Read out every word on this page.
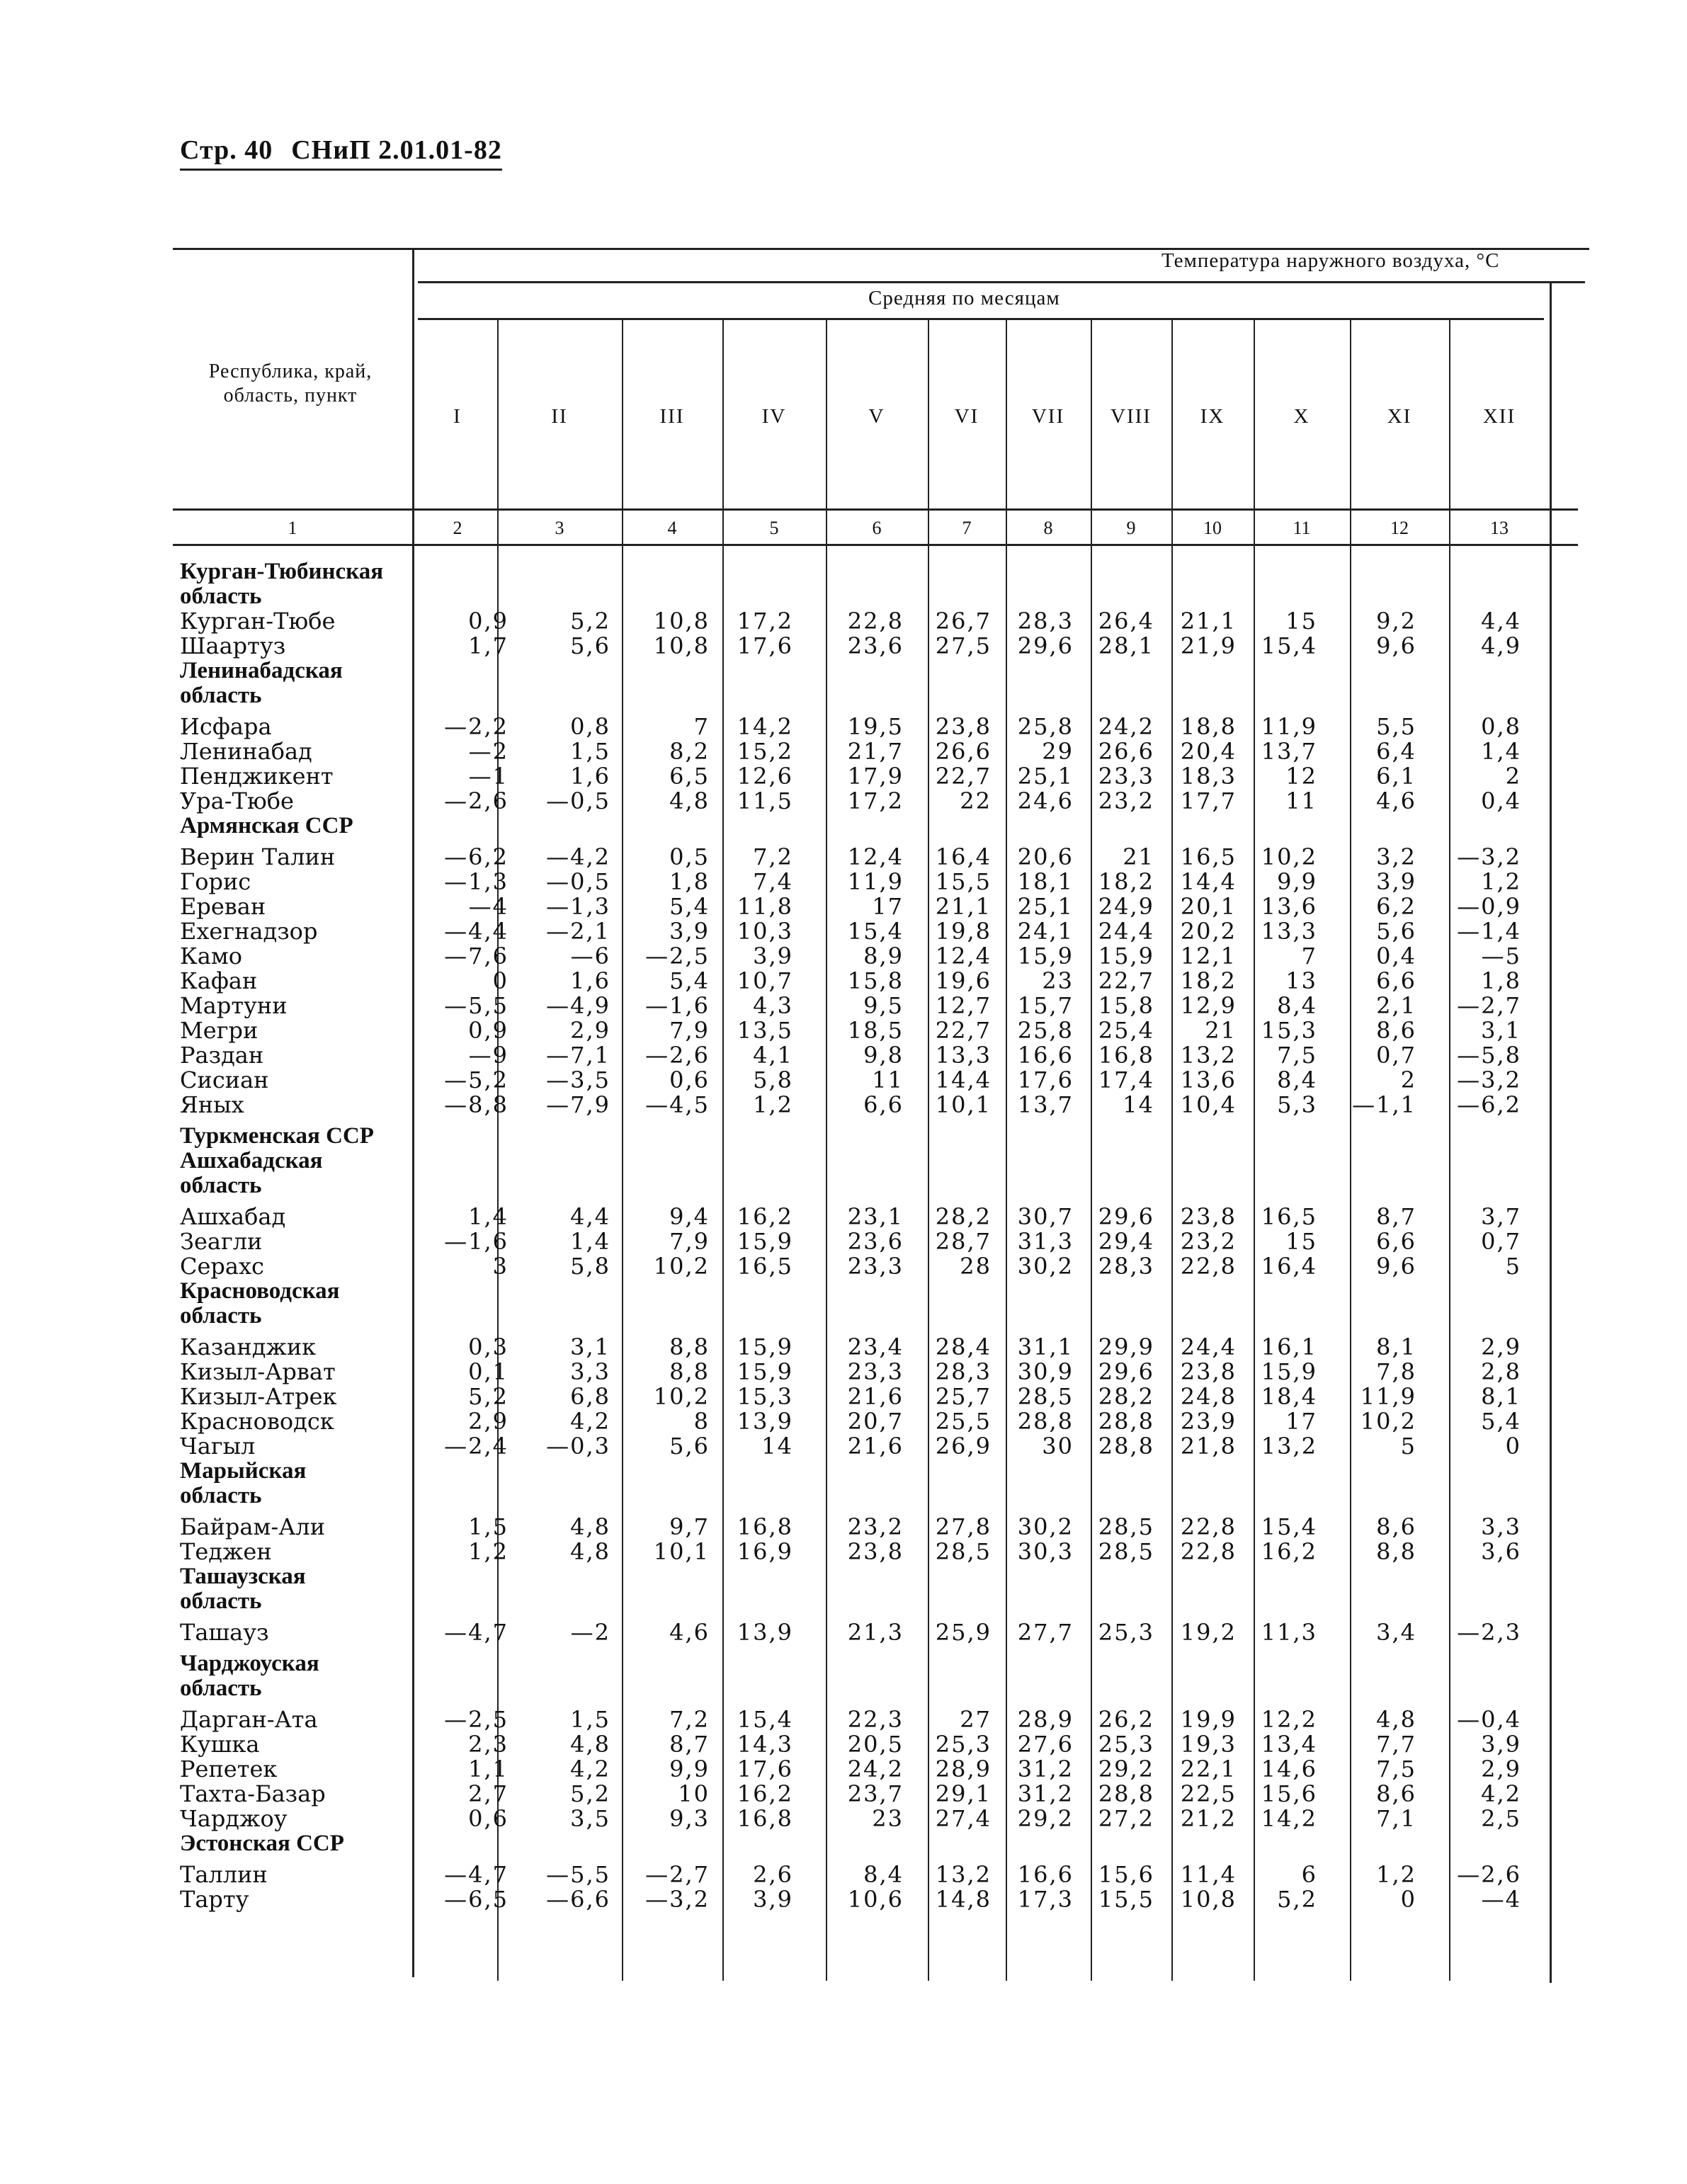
Стр. 40 СНиП 2.01.01-82
Температура наружного воздуха, °С
Средняя по месяцам
Республика, край,
область, пункт
I	II	III	IV	V	VI	VII	VIII	IX	X	XI	XII
1	2	3	4	5	6	7	8	9	10	11	12	13
Курган-Тюбинская
область
Курган-Тюбе	0,9	5,2 10,8 17,2 22,8 26,7 28,3 26,4 21,1 15	9,2	4,4
Шаартуз	1,7	5,6 10,8 17,6 23,6 27,5 29,6 28,1 21,9 15,4	9,6	4,9
Ленинабадская
область
Исфара	—2,2	0,8	7 14,2 19,5 23,8 25,8 24,2 18,8 11,9	5,5	0,8
Ленинабад	—2	1,5	8,2 15,2 21,7 26,6 29 26,6 20,4 13,7	6,4	1,4
Пенджикент	—1	1,6	6,5 12,6 17,9 22,7 25,1 23,3 18,3 12	6,1	2
Ура-Тюбе	—2,6 —0,5	4,8 11,5 17,2 22 24,6 23,2 17,7 11	4,6	0,4
Армянская ССР
Верин Талин	—6,2 —4,2	0,5 7,2 12,4 16,4 20,6 21 16,5 10,2	3,2 —3,2
Горис	—1,3 —0,5	1,8 7,4 11,9 15,5 18,1 18,2 14,4 9,9	3,9	1,2
Ереван	—4 —1,3	5,4 11,8	17 21,1 25,1 24,9 20,1 13,6	6,2 —0,9
Ехегнадзор	—4,4 —2,1	3,9 10,3 15,4 19,8 24,1 24,4 20,2 13,3	5,6 —1,4
Камо	—7,6	—6 —2,5 3,9	8,9 12,4 15,9 15,9 12,1	7	0,4	—5
Кафан	0	1,6	5,4 10,7 15,8 19,6 23 22,7 18,2 13	6,6	1,8
Мартуни	—5,5 —4,9 —1,6 4,3	9,5 12,7 15,7 15,8 12,9 8,4	2,1 —2,7
Мегри	0,9	2,9	7,9 13,5 18,5 22,7 25,8 25,4 21 15,3	8,6	3,1
Раздан	—9 —7,1 —2,6 4,1	9,8 13,3 16,6 16,8 13,2 7,5	0,7 —5,8
Сисиан	—5,2 —3,5	0,6 5,8	11 14,4 17,6 17,4 13,6 8,4	2 —3,2
Яных	—8,8 —7,9 —4,5 1,2	6,6 10,1 13,7 14 10,4 5,3 —1,1 —6,2
Туркменская ССР
Ашхабадская
область
Ашхабад	1,4	4,4	9,4 16,2 23,1 28,2 30,7 29,6 23,8 16,5	8,7	3,7
Зеагли	—1,6	1,4	7,9 15,9 23,6 28,7 31,3 29,4 23,2 15	6,6	0,7
Серахс	3	5,8 10,2 16,5 23,3 28 30,2 28,3 22,8 16,4	9,6	5
Красноводская
область
Казанджик	0,3	3,1	8,8 15,9 23,4 28,4 31,1 29,9 24,4 16,1	8,1	2,9
Кизыл-Арват	0,1	3,3	8,8 15,9 23,3 28,3 30,9 29,6 23,8 15,9	7,8	2,8
Кизыл-Атрек	5,2	6,8 10,2 15,3 21,6 25,7 28,5 28,2 24,8 18,4 11,9	8,1
Красноводск	2,9	4,2	8 13,9 20,7 25,5 28,8 28,8 23,9 17 10,2	5,4
Чагыл	—2,4 —0,3	5,6 14 21,6 26,9 30 28,8 21,8 13,2	5	0
Марыйская
область
Байрам-Али	1,5	4,8	9,7 16,8 23,2 27,8 30,2 28,5 22,8 15,4	8,6	3,3
Теджен	1,2	4,8 10,1 16,9 23,8 28,5 30,3 28,5 22,8 16,2	8,8	3,6
Ташаузская
область
Ташауз	—4,7	—2	4,6 13,9 21,3 25,9 27,7 25,3 19,2 11,3	3,4 —2,3
Чарджоуская
область
Дарган-Ата	—2,5	1,5	7,2 15,4 22,3 27 28,9 26,2 19,9 12,2	4,8 —0,4
Кушка	2,3	4,8	8,7 14,3 20,5 25,3 27,6 25,3 19,3 13,4	7,7	3,9
Репетек	1,1	4,2	9,9 17,6 24,2 28,9 31,2 29,2 22,1 14,6	7,5	2,9
Тахта-Базар	2,7	5,2	10 16,2 23,7 29,1 31,2 28,8 22,5 15,6	8,6	4,2
Чарджоу	0,6	3,5	9,3 16,8	23 27,4 29,2 27,2 21,2 14,2	7,1	2,5
Эстонская ССР
Таллин	—4,7 —5,5 —2,7 2,6	8,4 13,2 16,6 15,6 11,4	6	1,2 —2,6
Тарту	—6,5 —6,6 —3,2 3,9 10,6 14,8 17,3 15,5 10,8 5,2	0	—4
